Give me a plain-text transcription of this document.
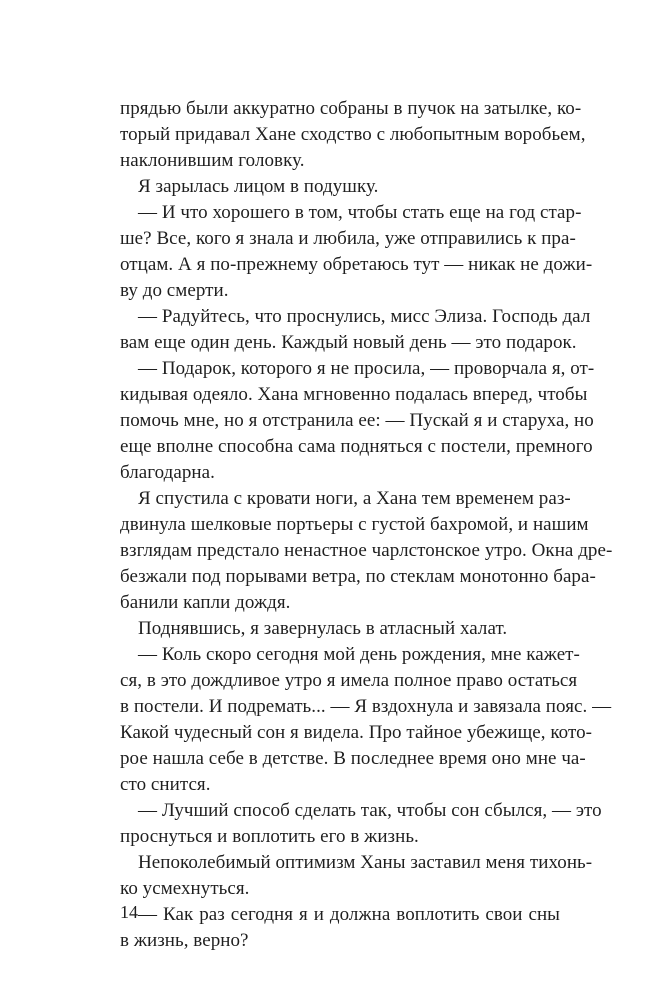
прядью были аккуратно собраны в пучок на затылке, ко-
торый придавал Хане сходство с любопытным воробьем,
наклонившим головку.
Я зарылась лицом в подушку.
— И что хорошего в том, чтобы стать еще на год стар-
ше? Все, кого я знала и любила, уже отправились к пра-
отцам. А я по-прежнему обретаюсь тут — никак не дожи-
ву до смерти.
— Радуйтесь, что проснулись, мисс Элиза. Господь дал
вам еще один день. Каждый новый день — это подарок.
— Подарок, которого я не просила, — проворчала я, от-
кидывая одеяло. Хана мгновенно подалась вперед, чтобы
помочь мне, но я отстранила ее: — Пускай я и старуха, но
еще вполне способна сама подняться с постели, премного
благодарна.
Я спустила с кровати ноги, а Хана тем временем раз-
двинула шелковые портьеры с густой бахромой, и нашим
взглядам предстало ненастное чарлстонское утро. Окна дре-
безжали под порывами ветра, по стеклам монотонно бара-
банили капли дождя.
Поднявшись, я завернулась в атласный халат.
— Коль скоро сегодня мой день рождения, мне кажет-
ся, в это дождливое утро я имела полное право остаться
в постели. И подремать... — Я вздохнула и завязала пояс. —
Какой чудесный сон я видела. Про тайное убежище, кото-
рое нашла себе в детстве. В последнее время оно мне ча-
сто снится.
— Лучший способ сделать так, чтобы сон сбылся, — это
проснуться и воплотить его в жизнь.
Непоколебимый оптимизм Ханы заставил меня тихонь-
ко усмехнуться.
— Как раз сегодня я и должна воплотить свои сны
в жизнь, верно?
14
